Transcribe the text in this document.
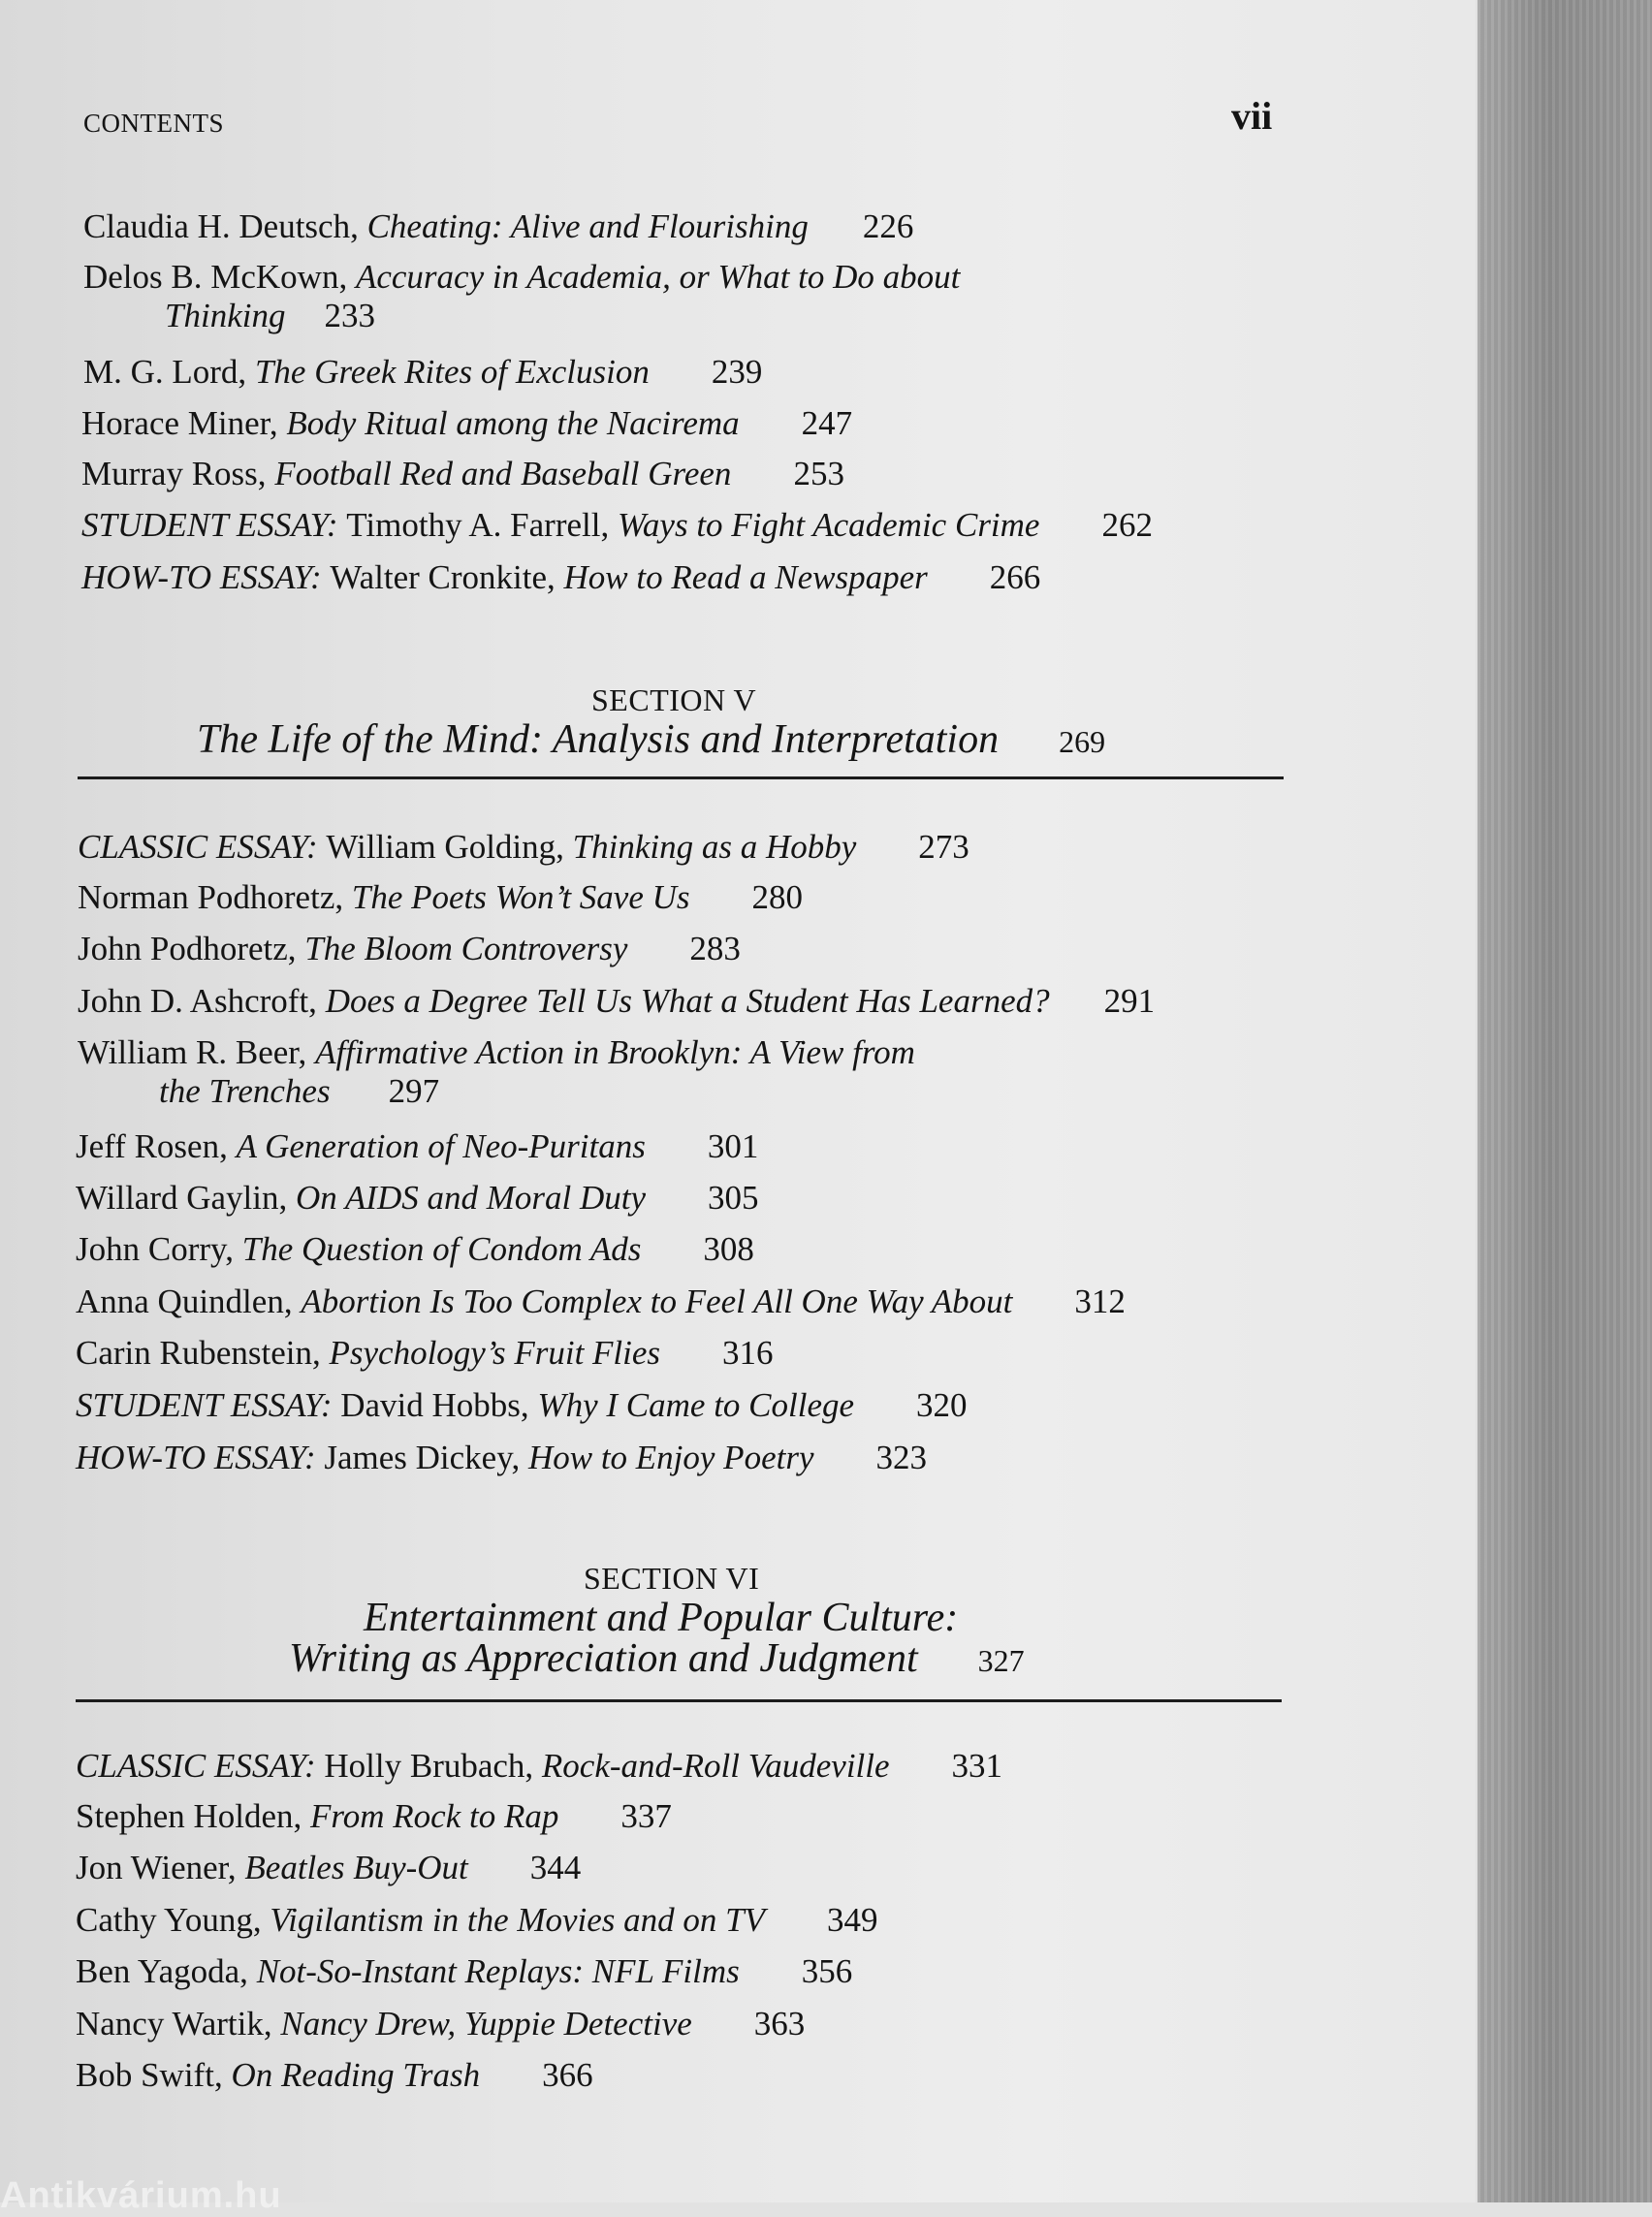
CONTENTS	vii
Claudia H. Deutsch, Cheating: Alive and Flourishing 226
Delos B. McKown, Accuracy in Academia, or What to Do about
Thinking 233
M. G. Lord, The Greek Rites of Exclusion 239
Horace Miner, Body Ritual among the Nacirema 247
Murray Ross, Football Red and Baseball Green 253
STUDENT ESSAY: Timothy A. Farrell, Ways to Fight Academic Crime 262
HOW-TO ESSAY: Walter Cronkite, How to Read a Newspaper 266
SECTION V
The Life of the Mind: Analysis and Interpretation 269
CLASSIC ESSAY: William Golding, Thinking as a Hobby 273
Norman Podhoretz, The Poets Won’t Save Us 280
John Podhoretz, The Bloom Controversy 283
John D. Ashcroft, Does a Degree Tell Us What a Student Has Learned? 291
William R. Beer, Affirmative Action in Brooklyn: A View from
the Trenches 297
Jeff Rosen, A Generation of Neo-Puritans 301
Willard Gaylin, On AIDS and Moral Duty 305
John Corry, The Question of Condom Ads 308
Anna Quindlen, Abortion Is Too Complex to Feel All One Way About 312
Carin Rubenstein, Psychology’s Fruit Flies 316
STUDENT ESSAY: David Hobbs, Why I Came to College 320
HOW-TO ESSAY: James Dickey, How to Enjoy Poetry 323
SECTION VI
Entertainment and Popular Culture:
Writing as Appreciation and Judgment 327
CLASSIC ESSAY: Holly Brubach, Rock-and-Roll Vaudeville 331
Stephen Holden, From Rock to Rap 337
Jon Wiener, Beatles Buy-Out 344
Cathy Young, Vigilantism in the Movies and on TV 349
Ben Yagoda, Not-So-Instant Replays: NFL Films 356
Nancy Wartik, Nancy Drew, Yuppie Detective 363
Bob Swift, On Reading Trash 366
Antikvárium.hu
